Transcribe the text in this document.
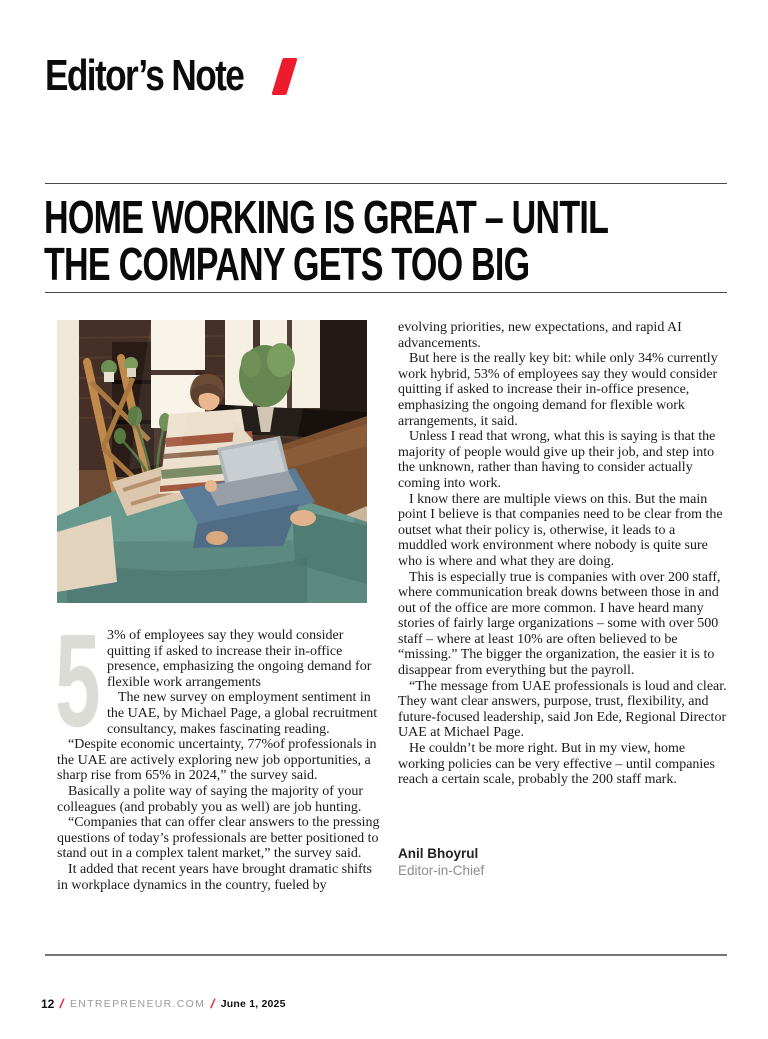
Editor’s Note
HOME WORKING IS GREAT – UNTIL
THE COMPANY GETS TOO BIG
5 3% of employees say they would consider quitting if asked to increase their in-office presence, emphasizing the ongoing demand for flexible work arrangements

The new survey on employment sentiment in the UAE, by Michael Page, a global recruitment consultancy, makes fascinating reading.

“Despite economic uncertainty, 77%of professionals in the UAE are actively exploring new job opportunities, a sharp rise from 65% in 2024,” the survey said.

Basically a polite way of saying the majority of your colleagues (and probably you as well) are job hunting.

“Companies that can offer clear answers to the pressing questions of today’s professionals are better positioned to stand out in a complex talent market,” the survey said.

It added that recent years have brought dramatic shifts in workplace dynamics in the country, fueled by

evolving priorities, new expectations, and rapid AI advancements.

But here is the really key bit: while only 34% currently work hybrid, 53% of employees say they would consider quitting if asked to increase their in-office presence, emphasizing the ongoing demand for flexible work arrangements, it said.

Unless I read that wrong, what this is saying is that the majority of people would give up their job, and step into the unknown, rather than having to consider actually coming into work.

I know there are multiple views on this. But the main point I believe is that companies need to be clear from the outset what their policy is, otherwise, it leads to a muddled work environment where nobody is quite sure who is where and what they are doing.

This is especially true is companies with over 200 staff, where communication break downs between those in and out of the office are more common. I have heard many stories of fairly large organizations – some with over 500 staff – where at least 10% are often believed to be “missing.” The bigger the organization, the easier it is to disappear from everything but the payroll.

“The message from UAE professionals is loud and clear. They want clear answers, purpose, trust, flexibility, and future-focused leadership, said Jon Ede, Regional Director UAE at Michael Page.

He couldn’t be more right. But in my view, home working policies can be very effective – until companies reach a certain scale, probably the 200 staff mark.

Anil Bhoyrul
Editor-in-Chief
12 / ENTREPRENEUR.COM / June 1, 2025
